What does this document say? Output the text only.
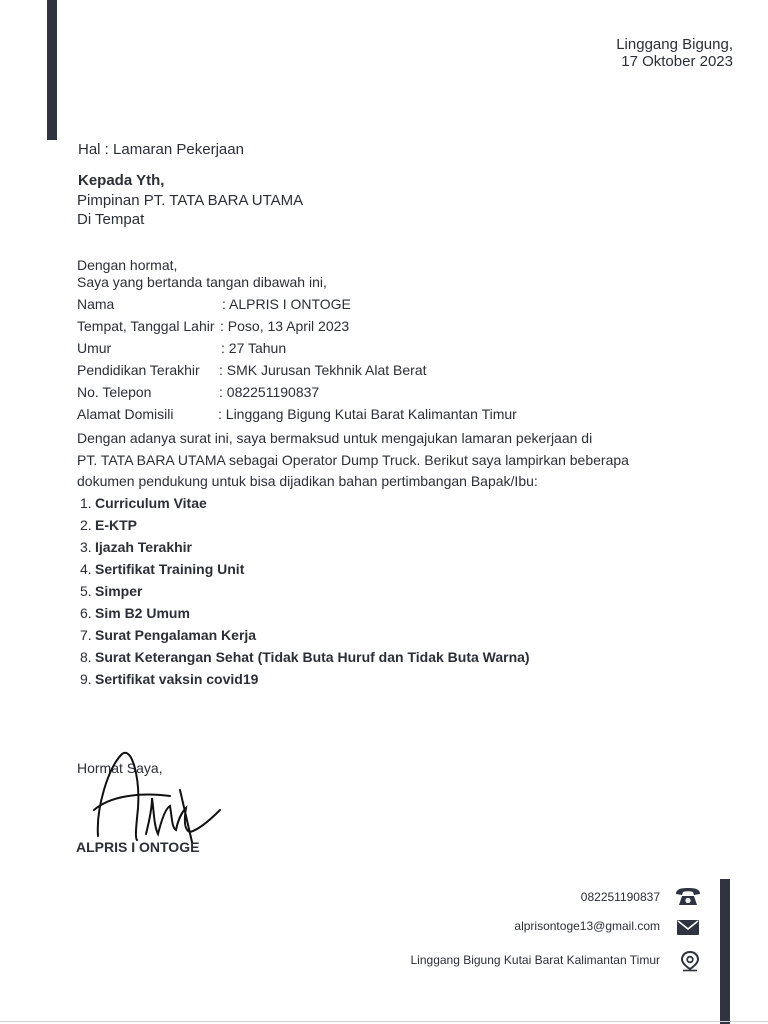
Linggang Bigung,
17 Oktober 2023
Hal : Lamaran Pekerjaan
Kepada Yth,
Pimpinan PT. TATA BARA UTAMA
Di Tempat
Dengan hormat,
Saya yang bertanda tangan dibawah ini,
Nama	: ALPRIS I ONTOGE
Tempat, Tanggal Lahir : Poso, 13 April 2023
Umur	: 27 Tahun
Pendidikan Terakhir : SMK Jurusan Tekhnik Alat Berat
No. Telepon	: 082251190837
Alamat Domisili	: Linggang Bigung Kutai Barat Kalimantan Timur
Dengan adanya surat ini, saya bermaksud untuk mengajukan lamaran pekerjaan di
PT. TATA BARA UTAMA sebagai Operator Dump Truck. Berikut saya lampirkan beberapa
dokumen pendukung untuk bisa dijadikan bahan pertimbangan Bapak/Ibu:
1. Curriculum Vitae
2. E-KTP
3. Ijazah Terakhir
4. Sertifikat Training Unit
5. Simper
6. Sim B2 Umum
7. Surat Pengalaman Kerja
8. Surat Keterangan Sehat (Tidak Buta Huruf dan Tidak Buta Warna)
9. Sertifikat vaksin covid19
Hormat Saya,
ALPRIS I ONTOGE
082251190837
alprisontoge13@gmail.com
Linggang Bigung Kutai Barat Kalimantan Timur
